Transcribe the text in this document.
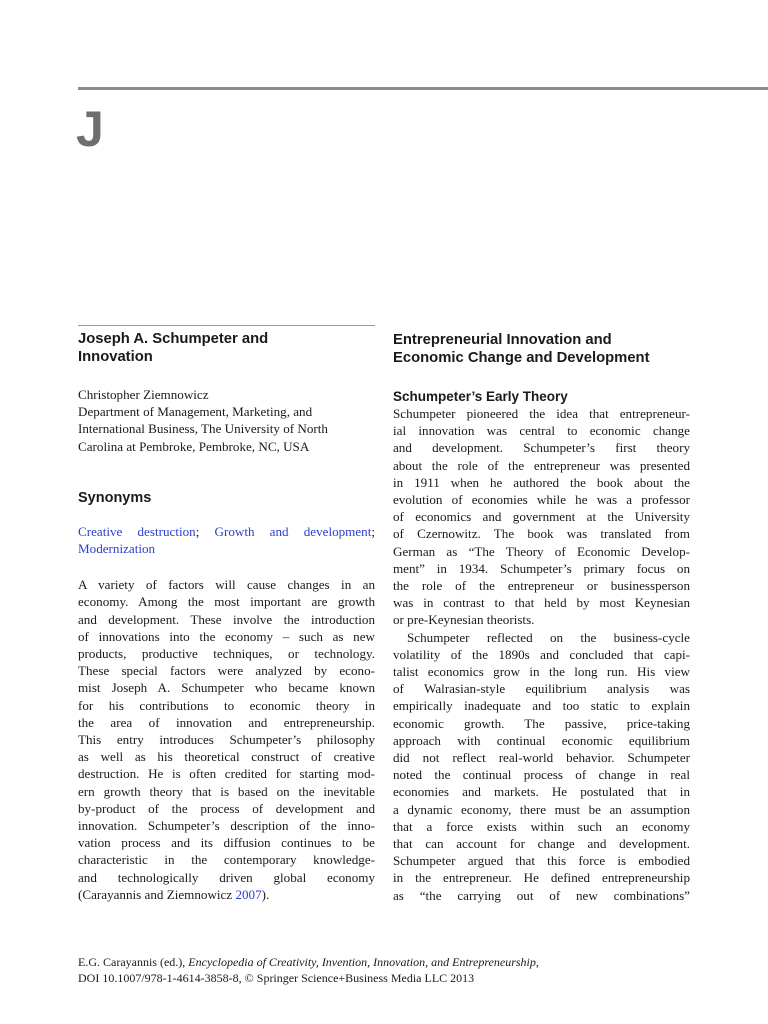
J
Joseph A. Schumpeter and
Innovation
Christopher Ziemnowicz
Department of Management, Marketing, and
International Business, The University of North
Carolina at Pembroke, Pembroke, NC, USA
Synonyms
Creative destruction; Growth and development;
Modernization
A variety of factors will cause changes in an
economy. Among the most important are growth
and development. These involve the introduction
of innovations into the economy – such as new
products, productive techniques, or technology.
These special factors were analyzed by econo-
mist Joseph A. Schumpeter who became known
for his contributions to economic theory in
the area of innovation and entrepreneurship.
This entry introduces Schumpeter’s philosophy
as well as his theoretical construct of creative
destruction. He is often credited for starting mod-
ern growth theory that is based on the inevitable
by-product of the process of development and
innovation. Schumpeter’s description of the inno-
vation process and its diffusion continues to be
characteristic in the contemporary knowledge-
and technologically driven global economy
(Carayannis and Ziemnowicz 2007).
Entrepreneurial Innovation and
Economic Change and Development
Schumpeter’s Early Theory
Schumpeter pioneered the idea that entrepreneur-
ial innovation was central to economic change
and development. Schumpeter’s first theory
about the role of the entrepreneur was presented
in 1911 when he authored the book about the
evolution of economies while he was a professor
of economics and government at the University
of Czernowitz. The book was translated from
German as “The Theory of Economic Develop-
ment” in 1934. Schumpeter’s primary focus on
the role of the entrepreneur or businessperson
was in contrast to that held by most Keynesian
or pre-Keynesian theorists.
Schumpeter reflected on the business-cycle
volatility of the 1890s and concluded that capi-
talist economics grow in the long run. His view
of Walrasian-style equilibrium analysis was
empirically inadequate and too static to explain
economic growth. The passive, price-taking
approach with continual economic equilibrium
did not reflect real-world behavior. Schumpeter
noted the continual process of change in real
economies and markets. He postulated that in
a dynamic economy, there must be an assumption
that a force exists within such an economy
that can account for change and development.
Schumpeter argued that this force is embodied
in the entrepreneur. He defined entrepreneurship
as “the carrying out of new combinations”
E.G. Carayannis (ed.), Encyclopedia of Creativity, Invention, Innovation, and Entrepreneurship,
DOI 10.1007/978-1-4614-3858-8, © Springer Science+Business Media LLC 2013
